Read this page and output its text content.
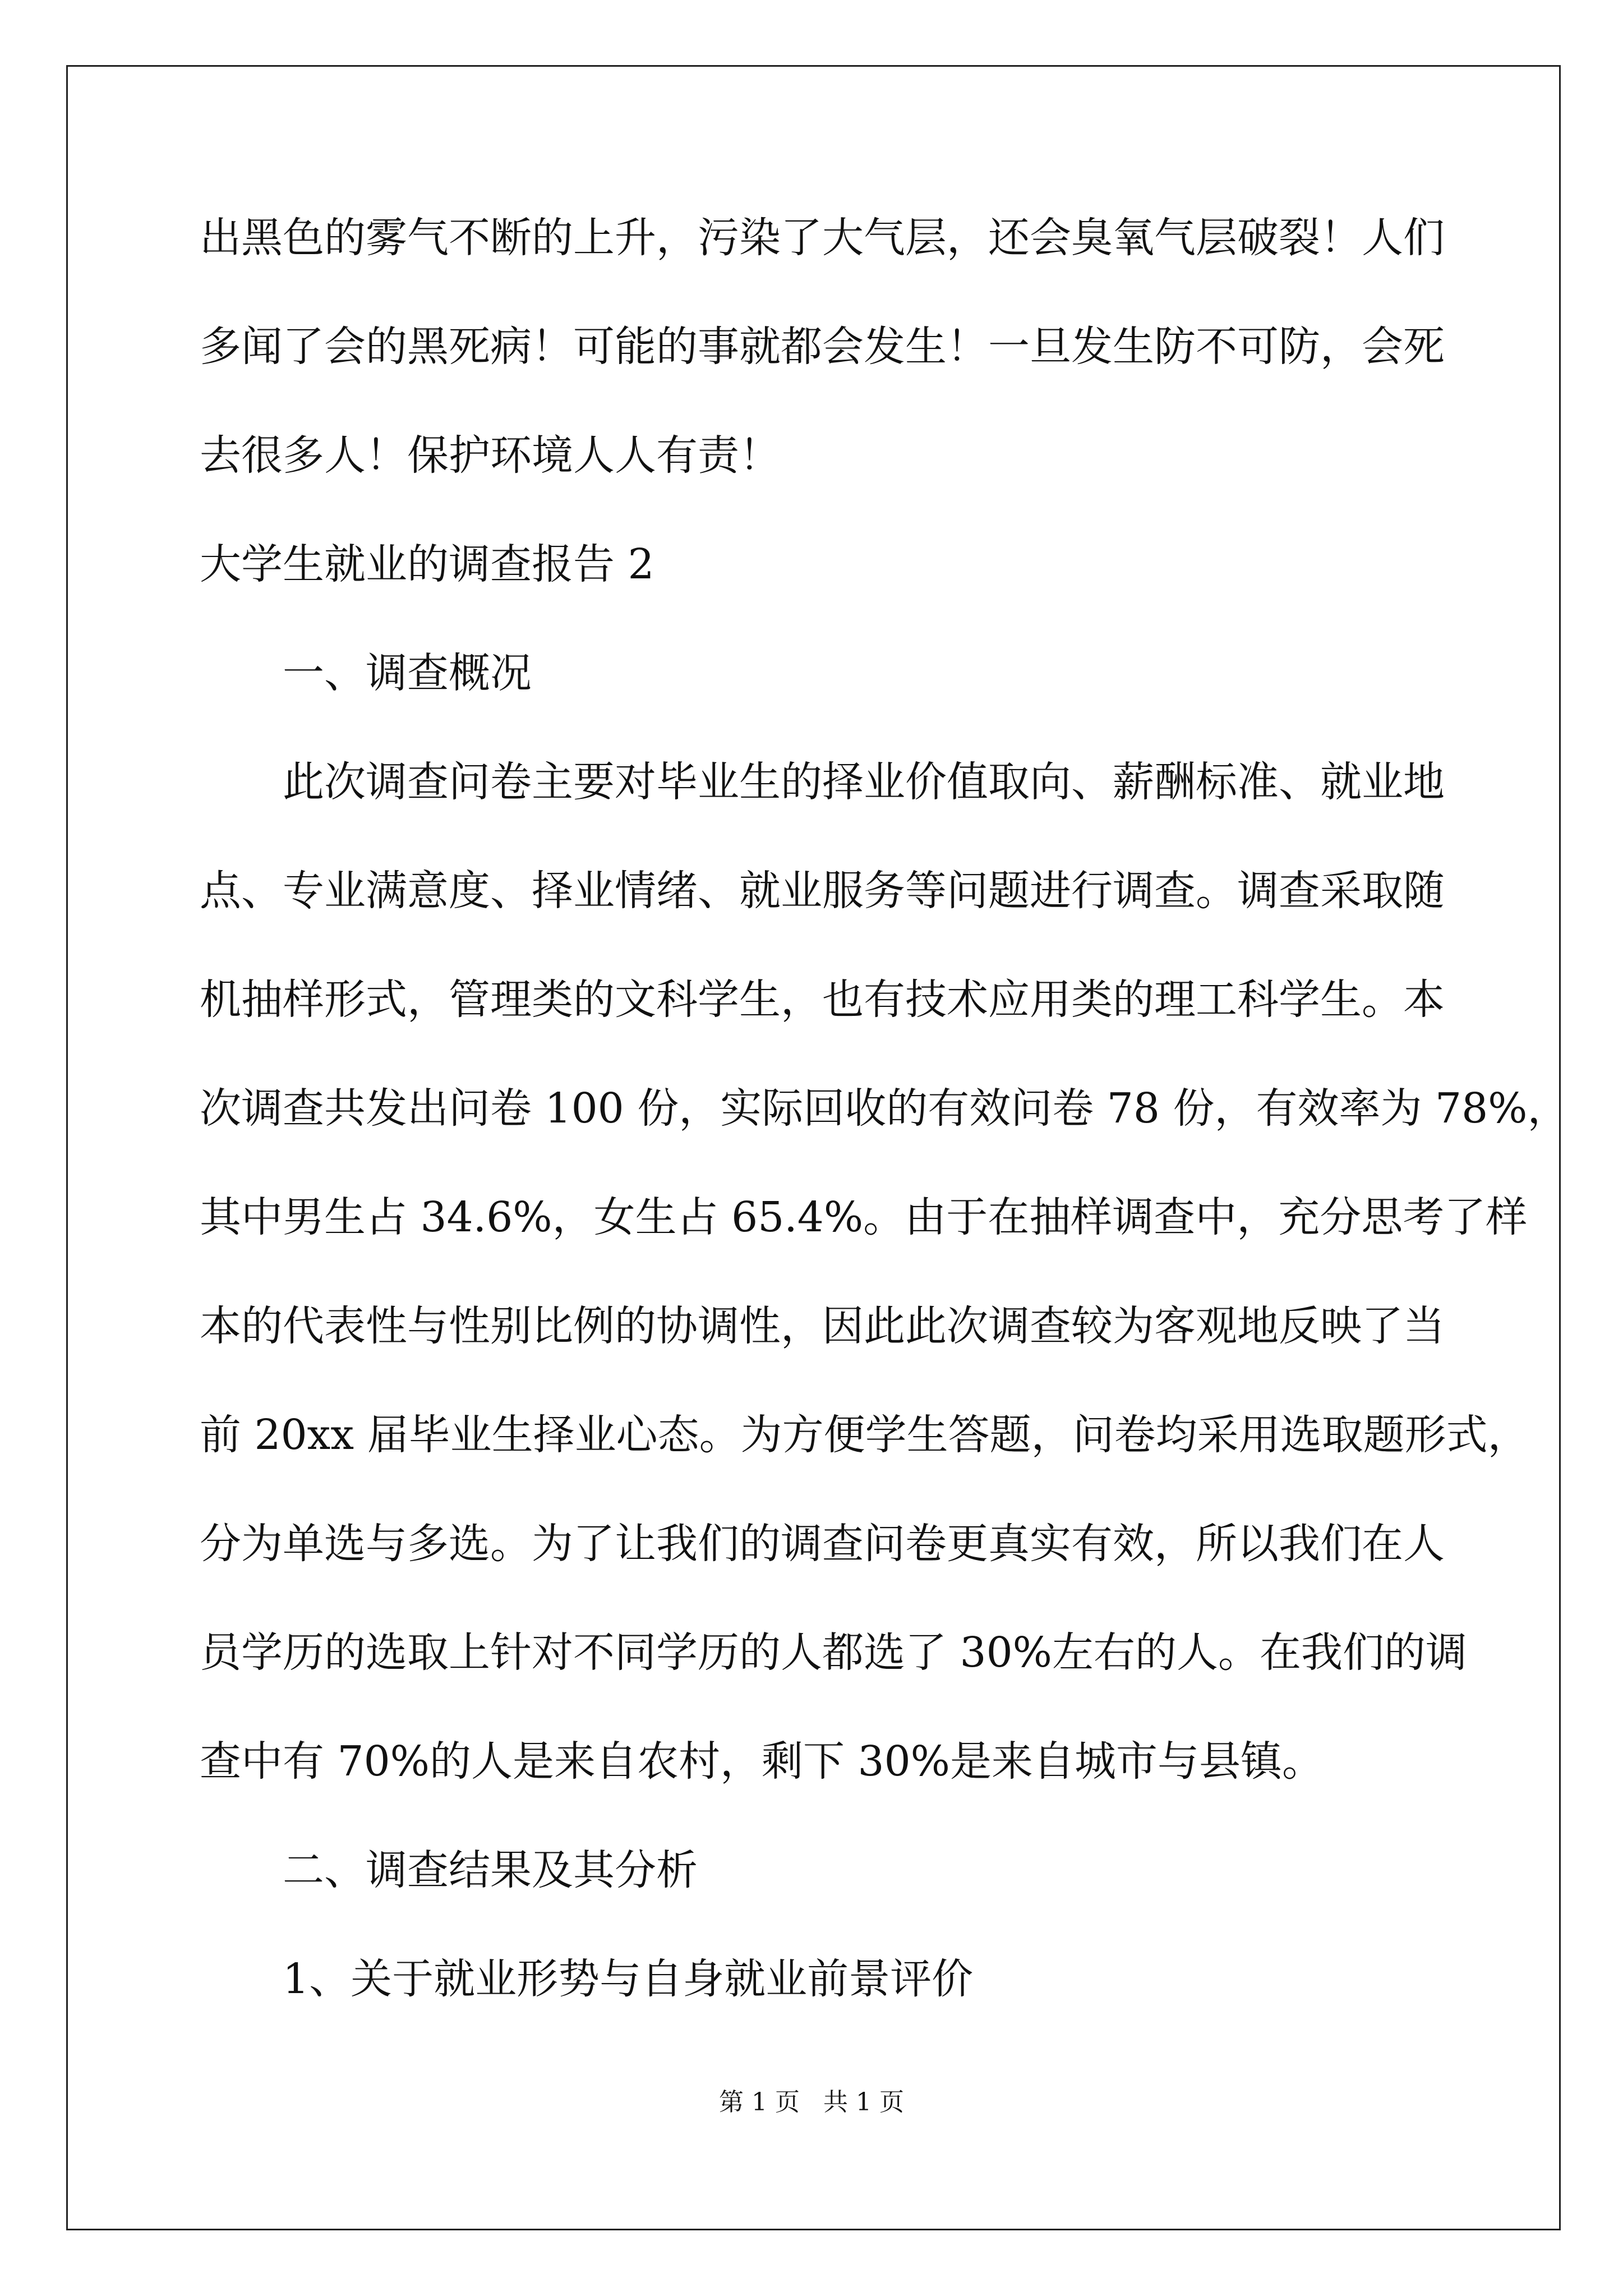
出黑色的雾气不断的上升，污染了大气层，还会臭氧气层破裂！人们
多闻了会的黑死病！可能的事就都会发生！一旦发生防不可防，会死
去很多人！保护环境人人有责！
大学生就业的调查报告 2
一、调查概况
此次调查问卷主要对毕业生的择业价值取向、薪酬标准、就业地
点、专业满意度、择业情绪、就业服务等问题进行调查。调查采取随
机抽样形式，管理类的文科学生，也有技术应用类的理工科学生。本
次调查共发出问卷 100 份，实际回收的有效问卷 78 份，有效率为 78%，
其中男生占 34.6%，女生占 65.4%。由于在抽样调查中，充分思考了样
本的代表性与性别比例的协调性，因此此次调查较为客观地反映了当
前 20xx 届毕业生择业心态。为方便学生答题，问卷均采用选取题形式，
分为单选与多选。为了让我们的调查问卷更真实有效，所以我们在人
员学历的选取上针对不同学历的人都选了 30%左右的人。在我们的调
查中有 70%的人是来自农村，剩下 30%是来自城市与县镇。
二、调查结果及其分析
1、关于就业形势与自身就业前景评价
第 1 页   共 1 页
